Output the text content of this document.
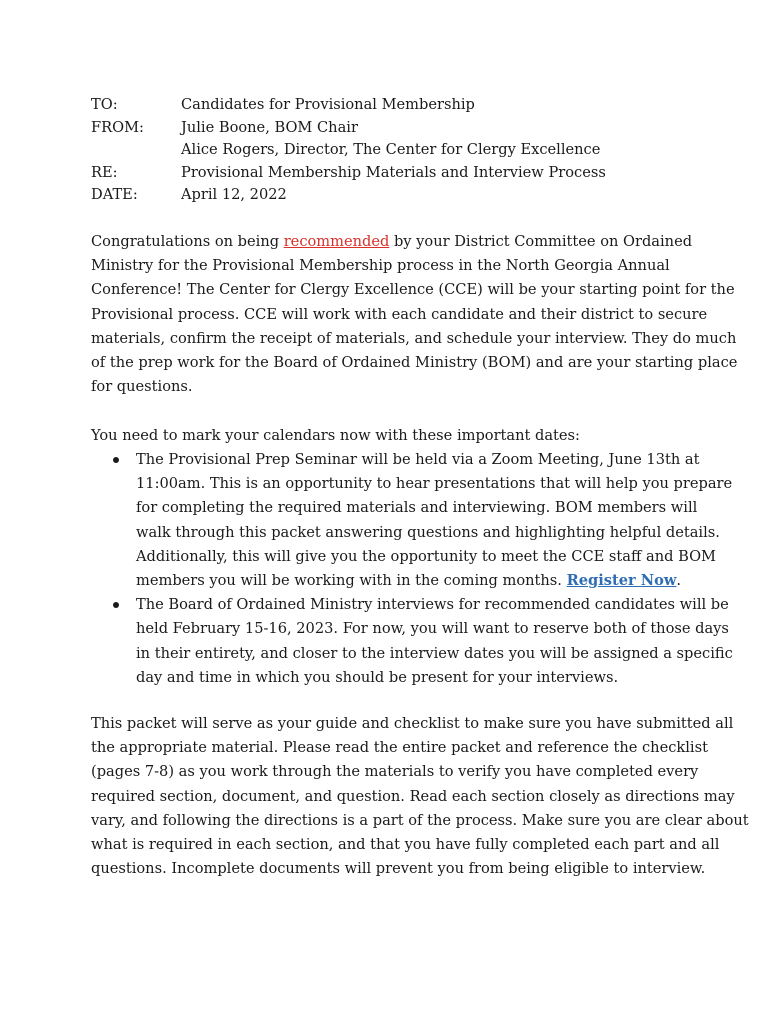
TO:	Candidates for Provisional Membership
FROM:	Julie Boone, BOM Chair
Alice Rogers, Director, The Center for Clergy Excellence
RE:	Provisional Membership Materials and Interview Process
DATE:	April 12, 2022

Congratulations on being recommended by your District Committee on Ordained
Ministry for the Provisional Membership process in the North Georgia Annual
Conference! The Center for Clergy Excellence (CCE) will be your starting point for the
Provisional process. CCE will work with each candidate and their district to secure
materials, confirm the receipt of materials, and schedule your interview. They do much
of the prep work for the Board of Ordained Ministry (BOM) and are your starting place
for questions.

You need to mark your calendars now with these important dates:

The Provisional Prep Seminar will be held via a Zoom Meeting, June 13th at
11:00am. This is an opportunity to hear presentations that will help you prepare
for completing the required materials and interviewing. BOM members will
walk through this packet answering questions and highlighting helpful details.
Additionally, this will give you the opportunity to meet the CCE staff and BOM
members you will be working with in the coming months. Register Now.
The Board of Ordained Ministry interviews for recommended candidates will be
held February 15-16, 2023. For now, you will want to reserve both of those days
in their entirety, and closer to the interview dates you will be assigned a specific
day and time in which you should be present for your interviews.

This packet will serve as your guide and checklist to make sure you have submitted all
the appropriate material. Please read the entire packet and reference the checklist
(pages 7-8) as you work through the materials to verify you have completed every
required section, document, and question. Read each section closely as directions may
vary, and following the directions is a part of the process. Make sure you are clear about
what is required in each section, and that you have fully completed each part and all
questions. Incomplete documents will prevent you from being eligible to interview.
